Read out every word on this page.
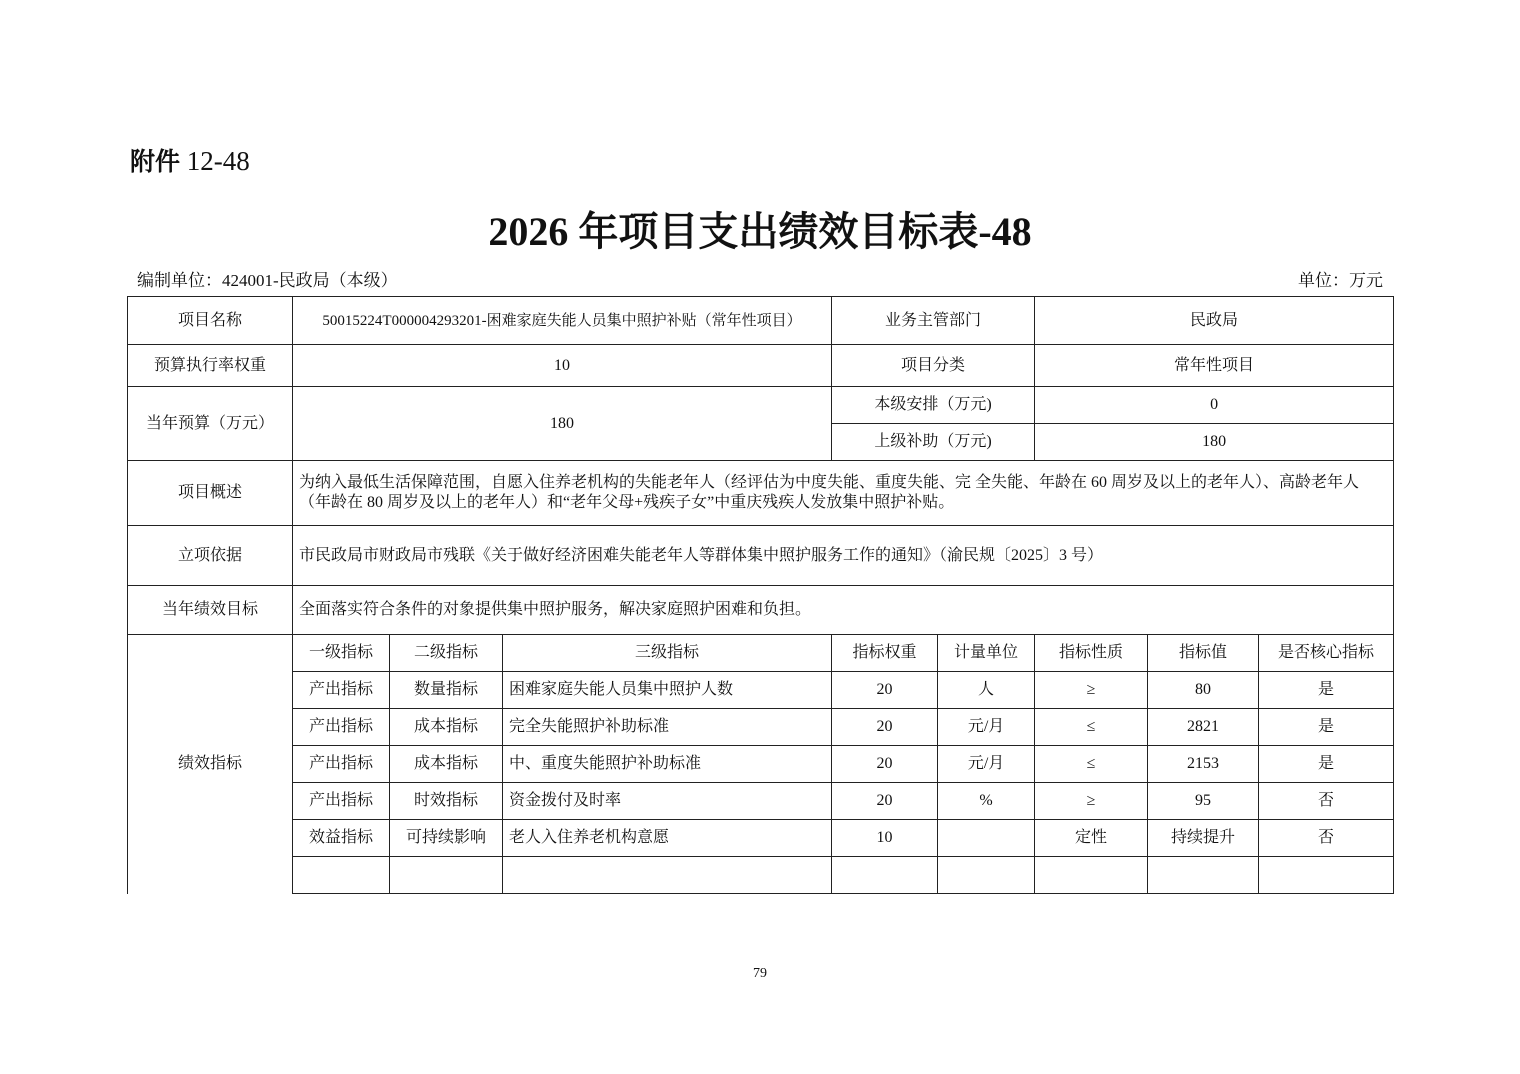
附件 12-48
2026 年项目支出绩效目标表-48
编制单位：424001-民政局（本级）	单位：万元
项目名称	50015224T000004293201-困难家庭失能人员集中照护补贴（常年性项目）			业务主管部门		民政局		
预算执行率权重	10			项目分类		常年性项目		
当年预算（万元）	180			本级安排（万元)		0		
				上级补助（万元)		180		
项目概述	为纳入最低生活保障范围，自愿入住养老机构的失能老年人（经评估为中度失能、重度失能、完 全失能、年龄在 60 周岁及以上的老年人）、高龄老年人（年龄在 80 周岁及以上的老年人）和“老年父母+残疾子女”中重庆残疾人发放集中照护补贴。							
立项依据	市民政局市财政局市残联《关于做好经济困难失能老年人等群体集中照护服务工作的通知》（渝民规〔2025〕3 号）							
当年绩效目标	全面落实符合条件的对象提供集中照护服务，解决家庭照护困难和负担。							
绩效指标	一级指标	二级指标	三级指标	指标权重	计量单位	指标性质	指标值	是否核心指标
	产出指标	数量指标	困难家庭失能人员集中照护人数	20	人	≥	80	是
	产出指标	成本指标	完全失能照护补助标准	20	元/月	≤	2821	是
	产出指标	成本指标	中、重度失能照护补助标准	20	元/月	≤	2153	是
	产出指标	时效指标	资金拨付及时率	20	%	≥	95	否
	效益指标	可持续影响	老人入住养老机构意愿	10		定性	持续提升	否

79
